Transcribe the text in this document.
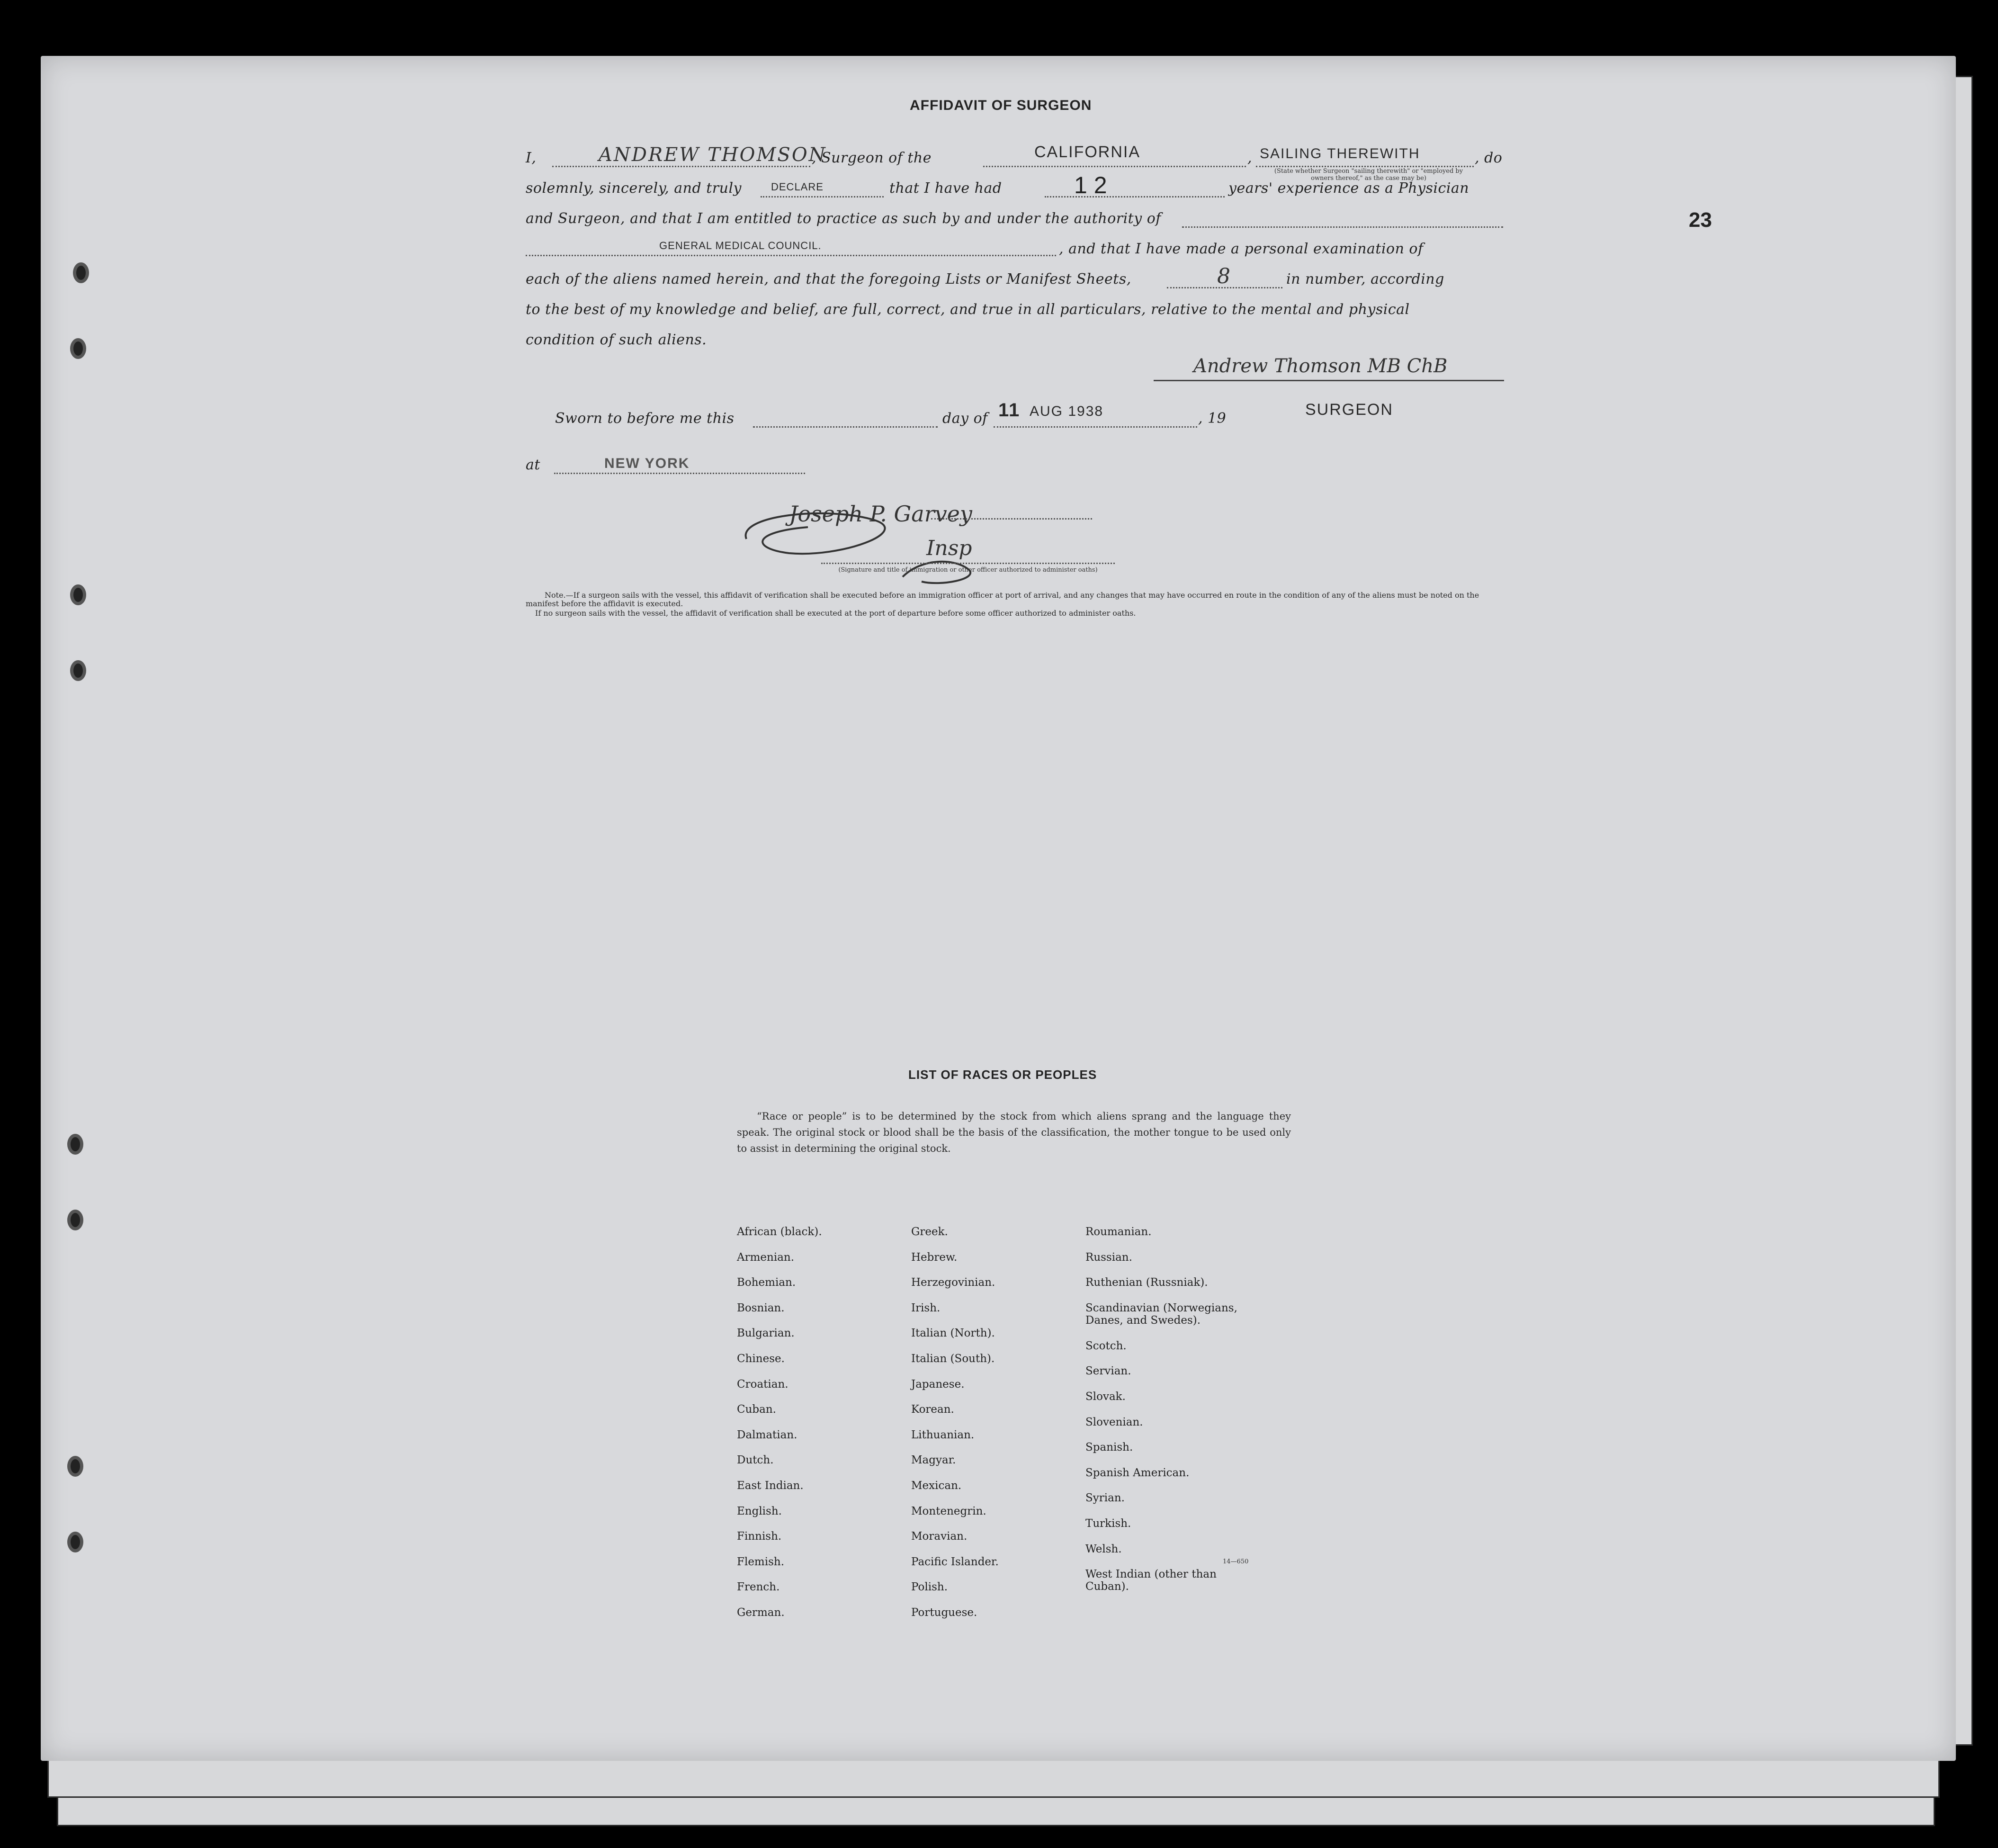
23
AFFIDAVIT OF SURGEON
I,	ANDREW THOMSON
, Surgeon of the	CALIFORNIA	, SAILING THEREWITH
(State whether Surgeon "sailing therewith" or "employed by owners thereof," as the case may be)
, do
solemnly, sincerely, and truly	DECLARE	that I have had	12	years' experience as a Physician
and Surgeon, and that I am entitled to practice as such by and under the authority of
GENERAL MEDICAL COUNCIL.	, and that I have made a personal examination of
each of the aliens named herein, and that the foregoing Lists or Manifest Sheets,	8	in number, according
to the best of my knowledge and belief, are full, correct, and true in all particulars, relative to the mental and physical
condition of such aliens.
Andrew Thomson MB ChB
SURGEON
Sworn to before me this	day of 11 AUG 1938	, 19
at	NEW YORK
Joseph P. Garvey
Insp
(Signature and title of immigration or other officer authorized to administer oaths)
Note.—If a surgeon sails with the vessel, this affidavit of verification shall be executed before an immigration officer at port of arrival, and any changes that may have occurred en route in the condition of any of the aliens must be noted on the manifest before the affidavit is executed.
If no surgeon sails with the vessel, the affidavit of verification shall be executed at the port of departure before some officer authorized to administer oaths.
LIST OF RACES OR PEOPLES
“Race or people” is to be determined by the stock from which aliens sprang and the language they speak. The original stock or blood shall be the basis of the classification, the mother tongue to be used only to assist in determining the original stock.
African (black).
Armenian.
Bohemian.
Bosnian.
Bulgarian.
Chinese.
Croatian.
Cuban.
Dalmatian.
Dutch.
East Indian.
English.
Finnish.
Flemish.
French.
German.
Greek.
Hebrew.
Herzegovinian.
Irish.
Italian (North).
Italian (South).
Japanese.
Korean.
Lithuanian.
Magyar.
Mexican.
Montenegrin.
Moravian.
Pacific Islander.
Polish.
Portuguese.
Roumanian.
Russian.
Ruthenian (Russniak).
Scandinavian (Norwegians, Danes, and Swedes).
Scotch.
Servian.
Slovak.
Slovenian.
Spanish.
Spanish American.
Syrian.
Turkish.
Welsh.
West Indian (other than Cuban).
14—650
